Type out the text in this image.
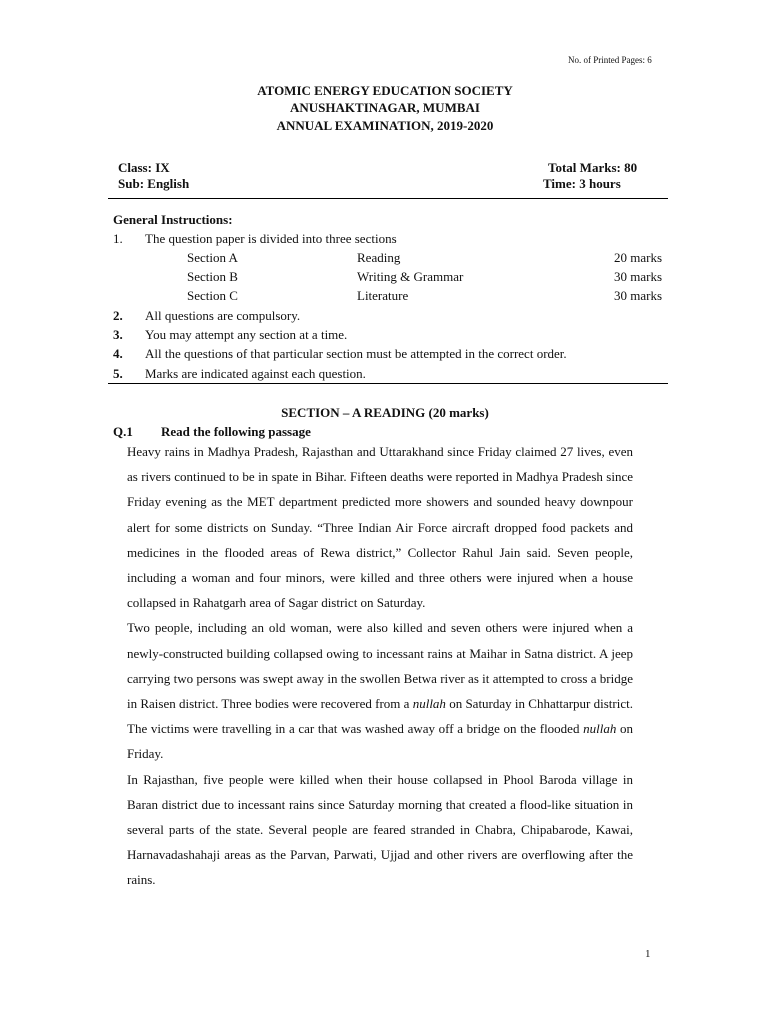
No. of Printed Pages: 6
ATOMIC ENERGY EDUCATION SOCIETY
ANUSHAKTINAGAR, MUMBAI
ANNUAL EXAMINATION, 2019-2020
Class: IX
Sub: English
Total Marks: 80
Time: 3 hours
General Instructions:
1. The question paper is divided into three sections
Section A	Reading	20 marks
Section B	Writing & Grammar	30 marks
Section C	Literature	30 marks
2. All questions are compulsory.
3. You may attempt any section at a time.
4. All the questions of that particular section must be attempted in the correct order.
5. Marks are indicated against each question.
SECTION – A READING (20 marks)
Q.1 Read the following passage

Heavy rains in Madhya Pradesh, Rajasthan and Uttarakhand since Friday claimed 27 lives, even as rivers continued to be in spate in Bihar. Fifteen deaths were reported in Madhya Pradesh since Friday evening as the MET department predicted more showers and sounded heavy downpour alert for some districts on Sunday. “Three Indian Air Force aircraft dropped food packets and medicines in the flooded areas of Rewa district,” Collector Rahul Jain said. Seven people, including a woman and four minors, were killed and three others were injured when a house collapsed in Rahatgarh area of Sagar district on Saturday.

Two people, including an old woman, were also killed and seven others were injured when a newly-constructed building collapsed owing to incessant rains at Maihar in Satna district. A jeep carrying two persons was swept away in the swollen Betwa river as it attempted to cross a bridge in Raisen district. Three bodies were recovered from a nullah on Saturday in Chhattarpur district. The victims were travelling in a car that was washed away off a bridge on the flooded nullah on Friday.

In Rajasthan, five people were killed when their house collapsed in Phool Baroda village in Baran district due to incessant rains since Saturday morning that created a flood-like situation in several parts of the state. Several people are feared stranded in Chabra, Chipabarode, Kawai, Harnavadashahaji areas as the Parvan, Parwati, Ujjad and other rivers are overflowing after the rains.

1
